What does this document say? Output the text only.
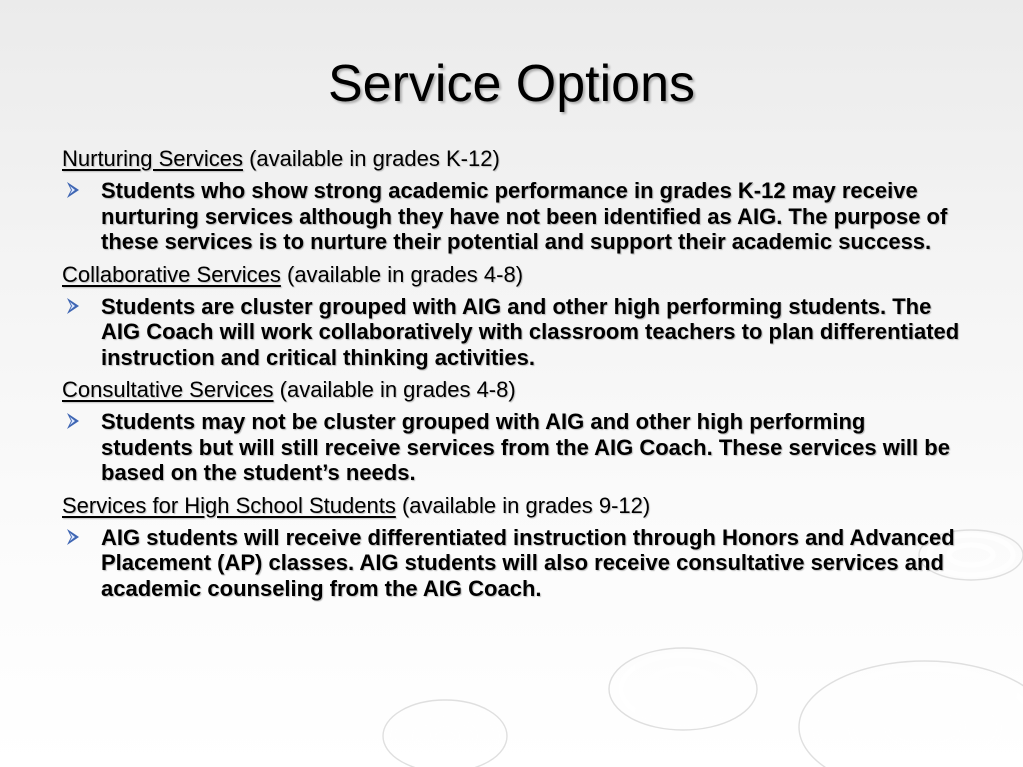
Service Options
Nurturing Services (available in grades K-12)
Students who show strong academic performance in grades K-12 may receive nurturing services although they have not been identified as AIG. The purpose of these services is to nurture their potential and support their academic success.
Collaborative Services (available in grades 4-8)
Students are cluster grouped with AIG and other high performing students. The AIG Coach will work collaboratively with classroom teachers to plan differentiated instruction and critical thinking activities.
Consultative Services (available in grades 4-8)
Students may not be cluster grouped with AIG and other high performing students but will still receive services from the AIG Coach. These services will be based on the student’s needs.
Services for High School Students (available in grades 9-12)
AIG students will receive differentiated instruction through Honors and Advanced Placement (AP) classes. AIG students will also receive consultative services and academic counseling from the AIG Coach.
